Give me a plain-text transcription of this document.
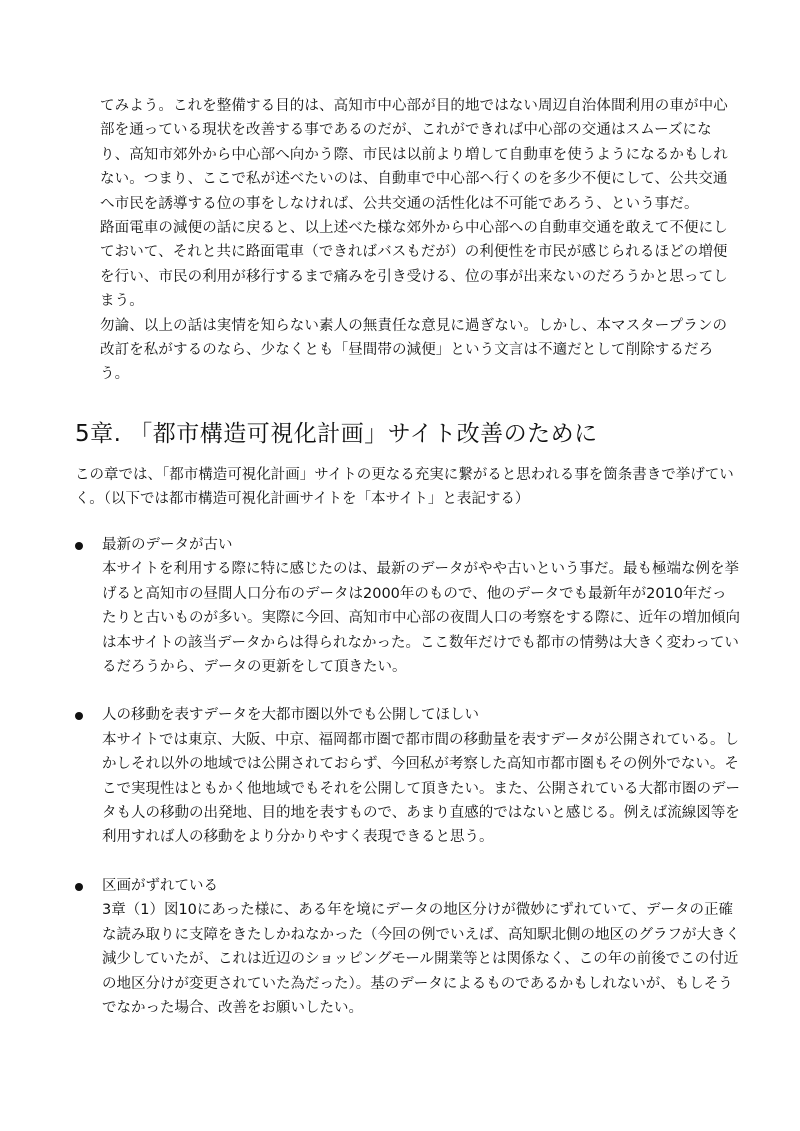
てみよう。これを整備する目的は、高知市中心部が目的地ではない周辺自治体間利用の車が中心部を通っている現状を改善する事であるのだが、これができれば中心部の交通はスムーズになり、高知市郊外から中心部へ向かう際、市民は以前より増して自動車を使うようになるかもしれない。つまり、ここで私が述べたいのは、自動車で中心部へ行くのを多少不便にして、公共交通へ市民を誘導する位の事をしなければ、公共交通の活性化は不可能であろう、という事だ。

路面電車の減便の話に戻ると、以上述べた様な郊外から中心部への自動車交通を敢えて不便にしておいて、それと共に路面電車（できればバスもだが）の利便性を市民が感じられるほどの増便を行い、市民の利用が移行するまで痛みを引き受ける、位の事が出来ないのだろうかと思ってしまう。

勿論、以上の話は実情を知らない素人の無責任な意見に過ぎない。しかし、本マスタープランの改訂を私がするのなら、少なくとも「昼間帯の減便」という文言は不適だとして削除するだろう。

5章. 「都市構造可視化計画」サイト改善のために

この章では、「都市構造可視化計画」サイトの更なる充実に繋がると思われる事を箇条書きで挙げていく。（以下では都市構造可視化計画サイトを「本サイト」と表記する）

最新のデータが古い
本サイトを利用する際に特に感じたのは、最新のデータがやや古いという事だ。最も極端な例を挙げると高知市の昼間人口分布のデータは2000年のもので、他のデータでも最新年が2010年だったりと古いものが多い。実際に今回、高知市中心部の夜間人口の考察をする際に、近年の増加傾向は本サイトの該当データからは得られなかった。ここ数年だけでも都市の情勢は大きく変わっているだろうから、データの更新をして頂きたい。
人の移動を表すデータを大都市圏以外でも公開してほしい
本サイトでは東京、大阪、中京、福岡都市圏で都市間の移動量を表すデータが公開されている。しかしそれ以外の地域では公開されておらず、今回私が考察した高知市都市圏もその例外でない。そこで実現性はともかく他地域でもそれを公開して頂きたい。また、公開されている大都市圏のデータも人の移動の出発地、目的地を表すもので、あまり直感的ではないと感じる。例えば流線図等を利用すれば人の移動をより分かりやすく表現できると思う。
区画がずれている
3章（1）図10にあった様に、ある年を境にデータの地区分けが微妙にずれていて、データの正確な読み取りに支障をきたしかねなかった（今回の例でいえば、高知駅北側の地区のグラフが大きく減少していたが、これは近辺のショッピングモール開業等とは関係なく、この年の前後でこの付近の地区分けが変更されていた為だった）。基のデータによるものであるかもしれないが、もしそうでなかった場合、改善をお願いしたい。
